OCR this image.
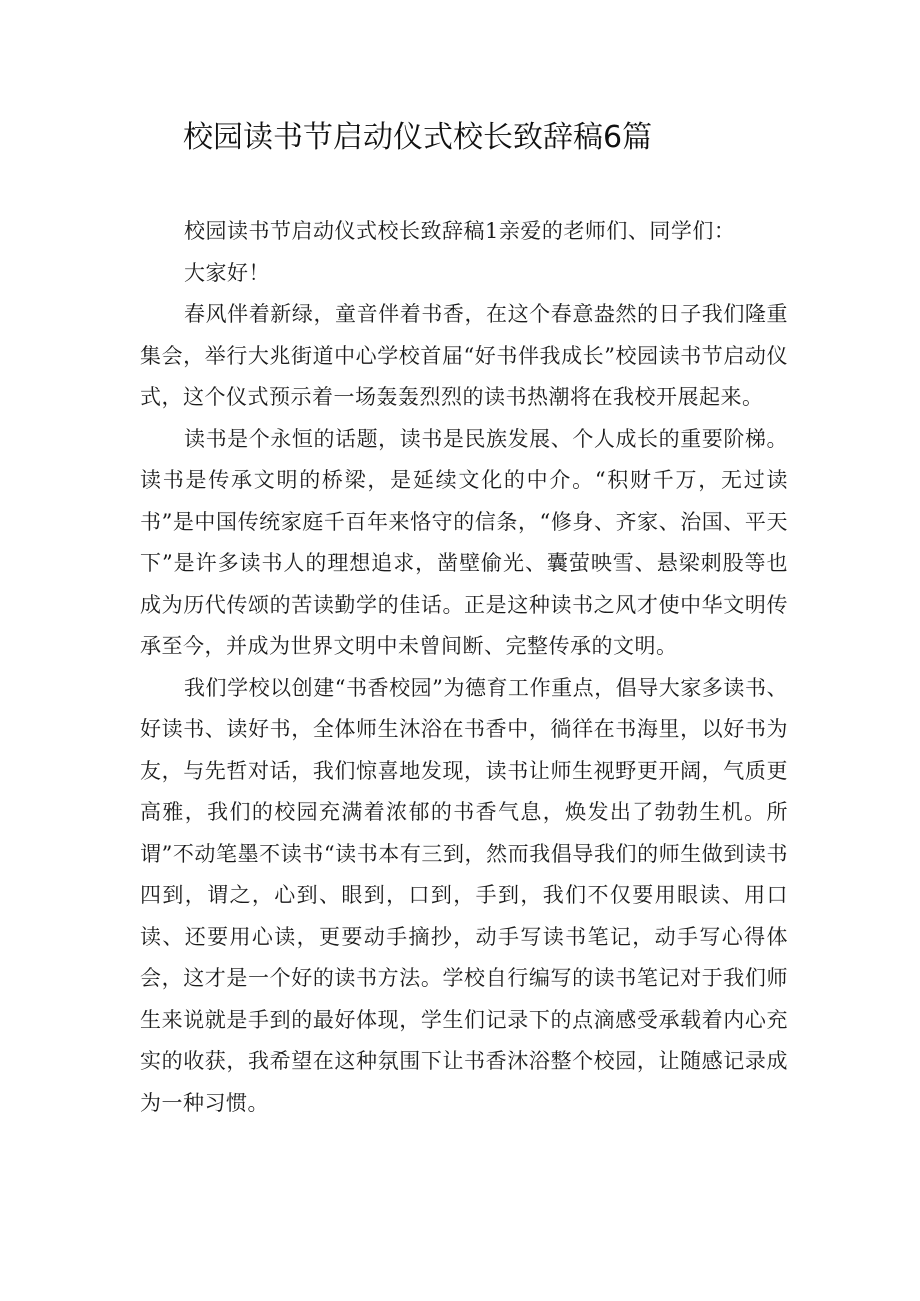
校园读书节启动仪式校长致辞稿6篇

校园读书节启动仪式校长致辞稿1亲爱的老师们、同学们：

大家好！

春风伴着新绿，童音伴着书香，在这个春意盎然的日子我们隆重集会，举行大兆街道中心学校首届“好书伴我成长”校园读书节启动仪式，这个仪式预示着一场轰轰烈烈的读书热潮将在我校开展起来。

读书是个永恒的话题，读书是民族发展、个人成长的重要阶梯。读书是传承文明的桥梁，是延续文化的中介。“积财千万，无过读书”是中国传统家庭千百年来恪守的信条，“修身、齐家、治国、平天下”是许多读书人的理想追求，凿壁偷光、囊萤映雪、悬梁刺股等也成为历代传颂的苦读勤学的佳话。正是这种读书之风才使中华文明传承至今，并成为世界文明中未曾间断、完整传承的文明。

我们学校以创建“书香校园”为德育工作重点，倡导大家多读书、好读书、读好书，全体师生沐浴在书香中，徜徉在书海里，以好书为友，与先哲对话，我们惊喜地发现，读书让师生视野更开阔，气质更高雅，我们的校园充满着浓郁的书香气息，焕发出了勃勃生机。所谓”不动笔墨不读书“读书本有三到，然而我倡导我们的师生做到读书四到，谓之，心到、眼到，口到，手到，我们不仅要用眼读、用口读、还要用心读，更要动手摘抄，动手写读书笔记，动手写心得体会，这才是一个好的读书方法。学校自行编写的读书笔记对于我们师生来说就是手到的最好体现，学生们记录下的点滴感受承载着内心充实的收获，我希望在这种氛围下让书香沐浴整个校园，让随感记录成为一种习惯。
